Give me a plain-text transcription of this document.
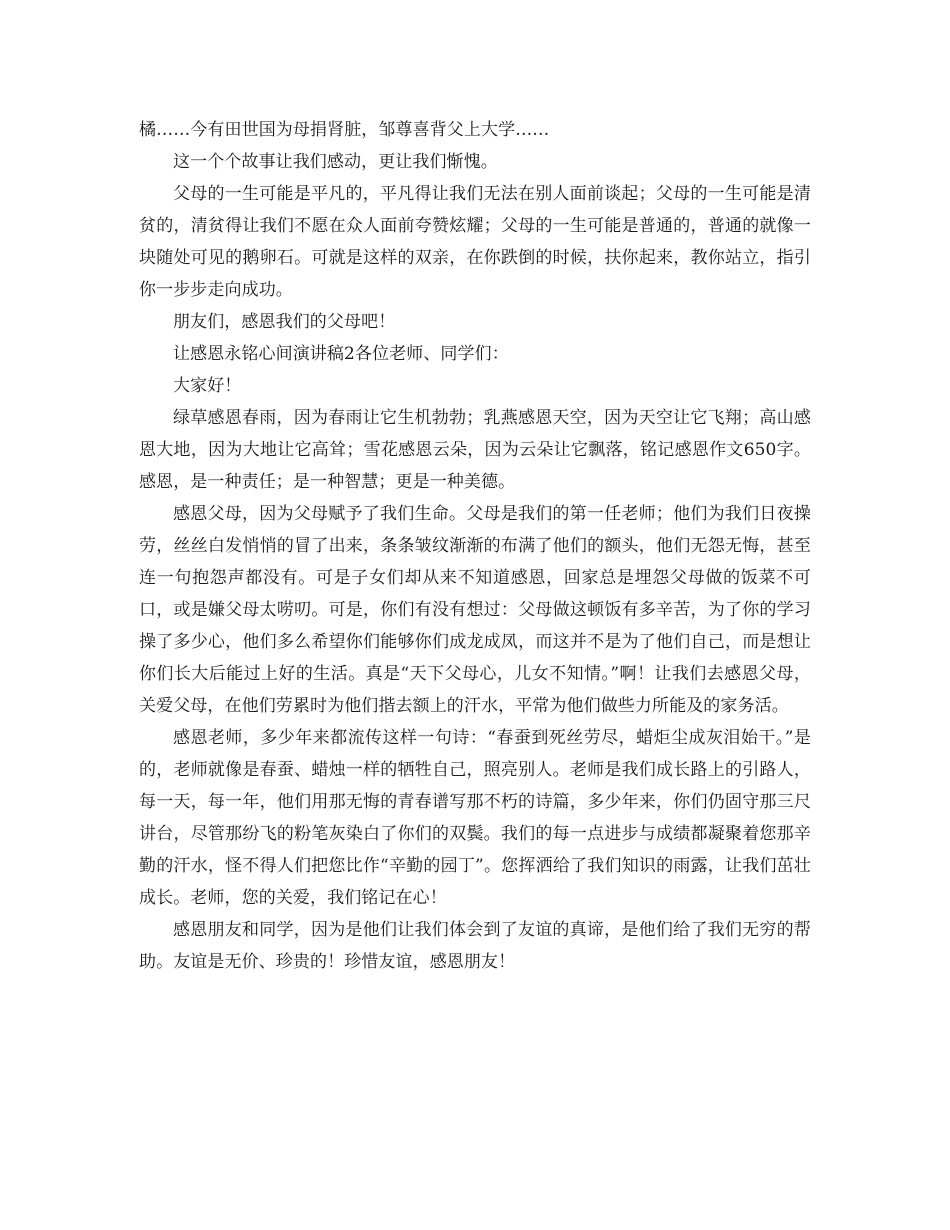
橘……今有田世国为母捐肾脏，邹尊喜背父上大学……

这一个个故事让我们感动，更让我们惭愧。

父母的一生可能是平凡的，平凡得让我们无法在别人面前谈起；父母的一生可能是清贫的，清贫得让我们不愿在众人面前夸赞炫耀；父母的一生可能是普通的，普通的就像一块随处可见的鹅卵石。可就是这样的双亲，在你跌倒的时候，扶你起来，教你站立，指引你一步步走向成功。

朋友们，感恩我们的父母吧！

让感恩永铭心间演讲稿2各位老师、同学们：

大家好！

绿草感恩春雨，因为春雨让它生机勃勃；乳燕感恩天空，因为天空让它飞翔；高山感恩大地，因为大地让它高耸；雪花感恩云朵，因为云朵让它飘落，铭记感恩作文650字。感恩，是一种责任；是一种智慧；更是一种美德。

感恩父母，因为父母赋予了我们生命。父母是我们的第一任老师；他们为我们日夜操劳，丝丝白发悄悄的冒了出来，条条皱纹渐渐的布满了他们的额头，他们无怨无悔，甚至连一句抱怨声都没有。可是子女们却从来不知道感恩，回家总是埋怨父母做的饭菜不可口，或是嫌父母太唠叨。可是，你们有没有想过：父母做这顿饭有多辛苦，为了你的学习操了多少心，他们多么希望你们能够你们成龙成凤，而这并不是为了他们自己，而是想让你们长大后能过上好的生活。真是“天下父母心，儿女不知情。”啊！让我们去感恩父母，关爱父母，在他们劳累时为他们揩去额上的汗水，平常为他们做些力所能及的家务活。

感恩老师，多少年来都流传这样一句诗：“春蚕到死丝劳尽，蜡炬尘成灰泪始干。”是的，老师就像是春蚕、蜡烛一样的牺牲自己，照亮别人。老师是我们成长路上的引路人，每一天，每一年，他们用那无悔的青春谱写那不朽的诗篇，多少年来，你们仍固守那三尺讲台，尽管那纷飞的粉笔灰染白了你们的双鬓。我们的每一点进步与成绩都凝聚着您那辛勤的汗水，怪不得人们把您比作“辛勤的园丁”。您挥洒给了我们知识的雨露，让我们茁壮成长。老师，您的关爱，我们铭记在心！

感恩朋友和同学，因为是他们让我们体会到了友谊的真谛，是他们给了我们无穷的帮助。友谊是无价、珍贵的！珍惜友谊，感恩朋友！
